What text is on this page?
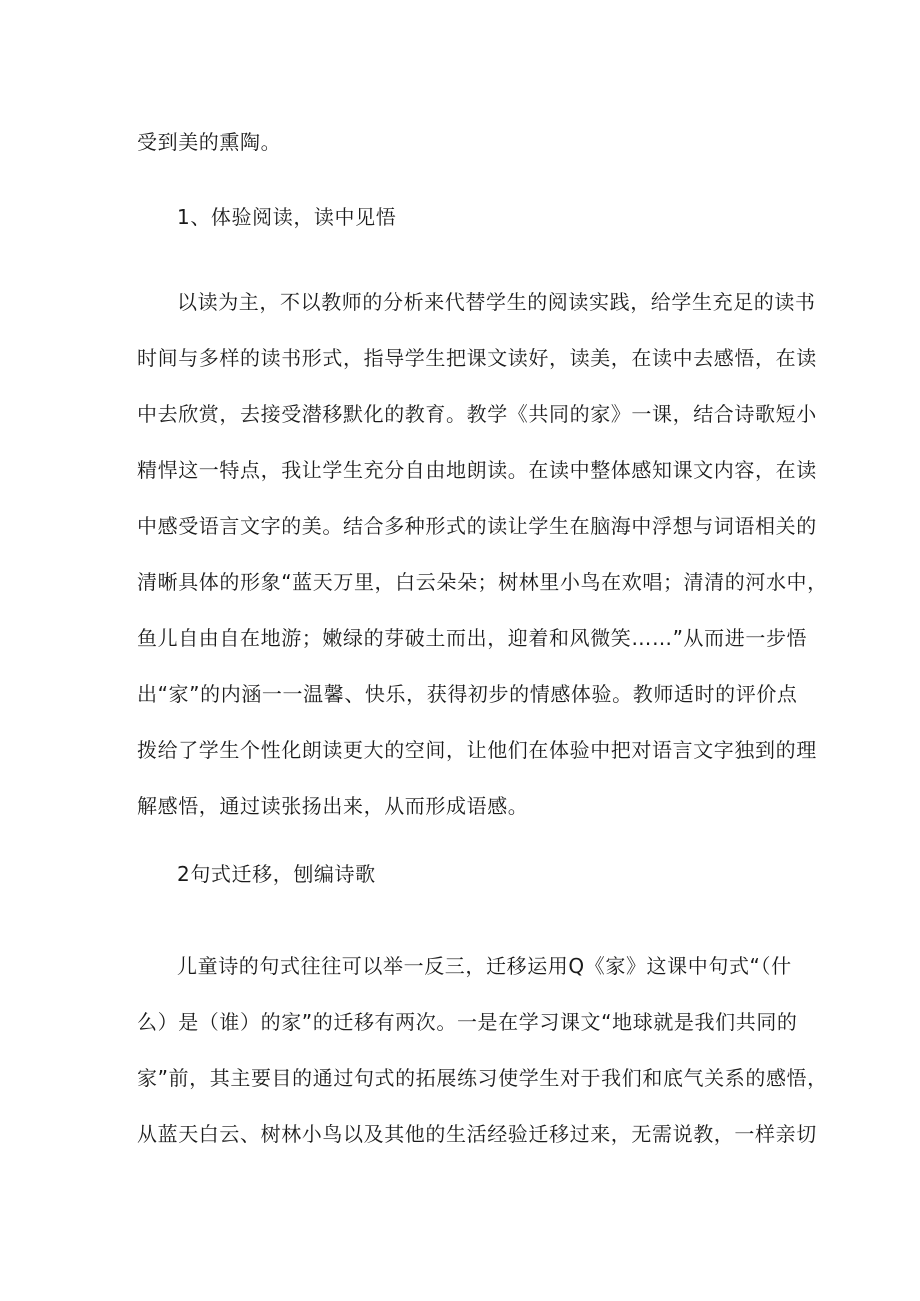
受到美的熏陶。
1、体验阅读，读中见悟
以读为主，不以教师的分析来代替学生的阅读实践，给学生充足的读书
时间与多样的读书形式，指导学生把课文读好，读美，在读中去感悟，在读
中去欣赏，去接受潜移默化的教育。教学《共同的家》一课，结合诗歌短小
精悍这一特点，我让学生充分自由地朗读。在读中整体感知课文内容，在读
中感受语言文字的美。结合多种形式的读让学生在脑海中浮想与词语相关的
清晰具体的形象“蓝天万里，白云朵朵；树林里小鸟在欢唱；清清的河水中，
鱼儿自由自在地游；嫩绿的芽破土而出，迎着和风微笑……”从而进一步悟
出“家”的内涵一一温馨、快乐，获得初步的情感体验。教师适时的评价点
拨给了学生个性化朗读更大的空间，让他们在体验中把对语言文字独到的理
解感悟，通过读张扬出来，从而形成语感。
2句式迁移，刨编诗歌
儿童诗的句式往往可以举一反三，迁移运用Q《家》这课中句式“（什
么）是（谁）的家”的迁移有两次。一是在学习课文“地球就是我们共同的
家”前，其主要目的通过句式的拓展练习使学生对于我们和底气关系的感悟，
从蓝天白云、树林小鸟以及其他的生活经验迁移过来，无需说教，一样亲切
